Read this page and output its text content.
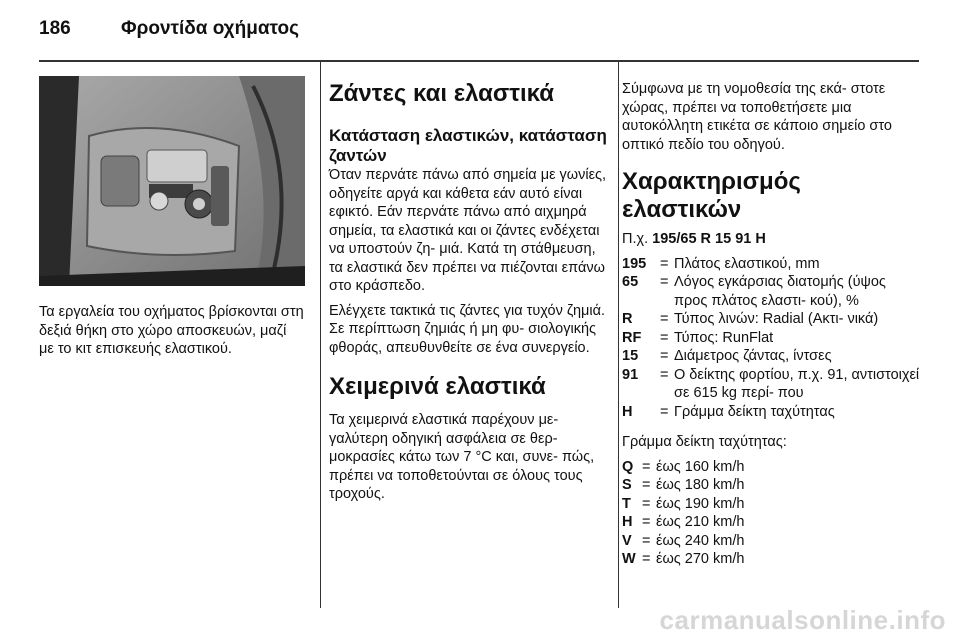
186	Φροντίδα οχήματος

Τα εργαλεία του οχήματος βρίσκονται στη δεξιά θήκη στο χώρο αποσκευών, μαζί με το κιτ επισκευής ελαστικού.

Ζάντες και ελαστικά
Κατάσταση ελαστικών, κατάσταση ζαντών

Όταν περνάτε πάνω από σημεία με γωνίες, οδηγείτε αργά και κάθετα εάν αυτό είναι εφικτό. Εάν περνάτε πάνω από αιχμηρά σημεία, τα ελαστικά και οι ζάντες ενδέχεται να υποστούν ζη- μιά. Κατά τη στάθμευση, τα ελαστικά δεν πρέπει να πιέζονται επάνω στο κράσπεδο.

Ελέγχετε τακτικά τις ζάντες για τυχόν ζημιά. Σε περίπτωση ζημιάς ή μη φυ- σιολογικής φθοράς, απευθυνθείτε σε ένα συνεργείο.

Χειμερινά ελαστικά

Τα χειμερινά ελαστικά παρέχουν με- γαλύτερη οδηγική ασφάλεια σε θερ- μοκρασίες κάτω των 7 °C και, συνε- πώς, πρέπει να τοποθετούνται σε όλους τους τροχούς.

Σύμφωνα με τη νομοθεσία της εκά- στοτε χώρας, πρέπει να τοποθετήσετε μια αυτοκόλλητη ετικέτα σε κάποιο σημείο στο οπτικό πεδίο του οδηγού.

Χαρακτηρισμός ελαστικών

Π.χ. 195/65 R 15 91 H

195 = Πλάτος ελαστικού, mm
65	= Λόγος εγκάρσιας διατομής (ύψος προς πλάτος ελαστι- κού), %
R	= Τύπος λινών: Radial (Ακτι- νικά)
RF	= Τύπος: RunFlat
15	= Διάμετρος ζάντας, ίντσες
91	= Ο δείκτης φορτίου, π.χ. 91, αντιστοιχεί σε 615 kg περί- που
H	= Γράμμα δείκτη ταχύτητας

Γράμμα δείκτη ταχύτητας:

Q = έως 160 km/h
S = έως 180 km/h
T = έως 190 km/h
H = έως 210 km/h
V = έως 240 km/h
W = έως 270 km/h
carmanualsonline.info
